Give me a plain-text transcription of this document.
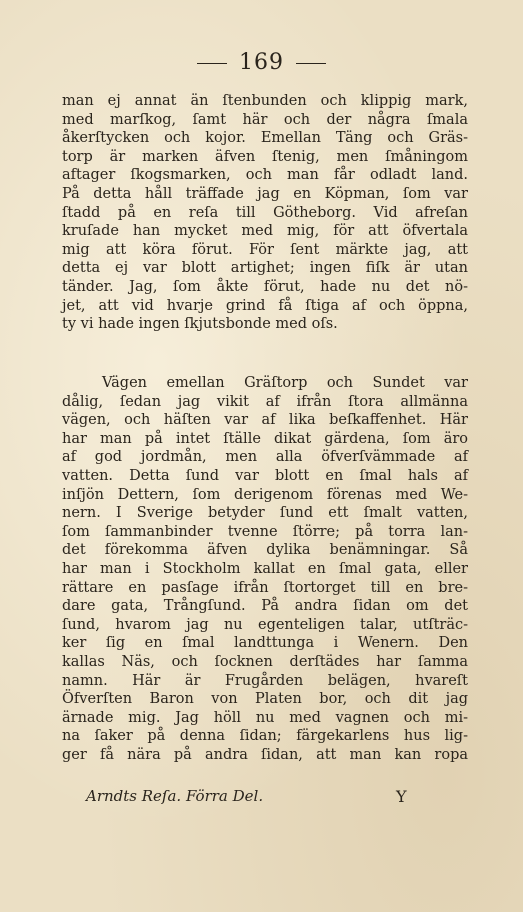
169
man ej annat än ſtenbunden och klippig mark,
med marſkog, ſamt här och der några ſmala
åkerſtycken och kojor. Emellan Täng och Gräs-
torp är marken äfven ſtenig, men ſmåningom
aftager ſkogsmarken, och man får odladt land.
På detta håll träffade jag en Köpman, ſom var
ſtadd på en reſa till Götheborg. Vid afreſan
kruſade han mycket med mig, för att öfvertala
mig att köra förut. För ſent märkte jag, att
detta ej var blott artighet; ingen fiſk är utan
tänder. Jag, ſom åkte förut, hade nu det nö-
jet, att vid hvarje grind få ſtiga af och öppna,
ty vi hade ingen ſkjutsbonde med oſs.
Vägen emellan Gräſtorp och Sundet var
dålig, ſedan jag vikit af ifrån ſtora allmänna
vägen, och häſten var af lika beſkaffenhet. Här
har man på intet ſtälle dikat gärdena, ſom äro
af god jordmån, men alla öfverſvämmade af
vatten. Detta ſund var blott en ſmal hals af
inſjön Dettern, ſom derigenom förenas med We-
nern. I Sverige betyder ſund ett ſmalt vatten,
ſom ſammanbinder tvenne ſtörre; på torra lan-
det förekomma äfven dylika benämningar. Så
har man i Stockholm kallat en ſmal gata, eller
rättare en pasſage ifrån ſtortorget till en bre-
dare gata, Trångſund. På andra ſidan om det
ſund, hvarom jag nu egenteligen talar, utſträc-
ker ſig en ſmal landttunga i Wenern. Den
kallas Näs, och ſocknen derſtädes har ſamma
namn. Här är Frugården belägen, hvareſt
Öfverſten Baron von Platen bor, och dit jag
ärnade mig. Jag höll nu med vagnen och mi-
na ſaker på denna ſidan; färgekarlens hus lig-
ger få nära på andra ſidan, att man kan ropa
Arndts Reſa. Förra Del.	Y
